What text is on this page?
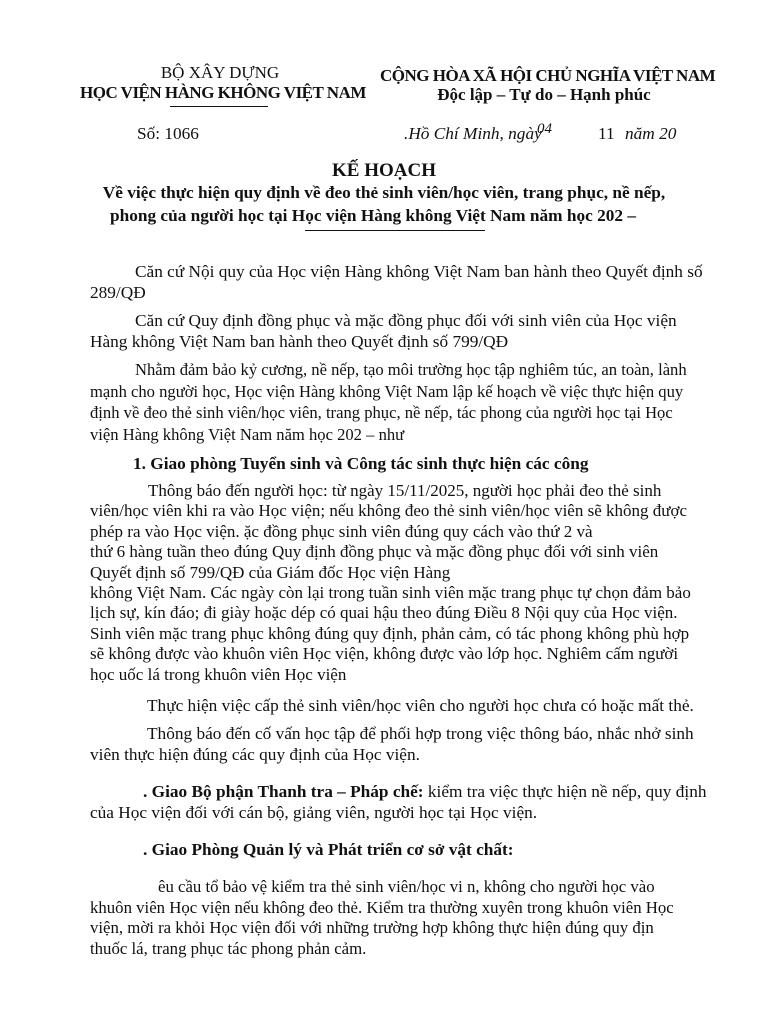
BỘ XÂY DỰNG
HỌC VIỆN HÀNG KHÔNG VIỆT NAM
CỘNG HÒA XÃ HỘI CHỦ NGHĨA VIỆT NAM
Độc lập – Tự do – Hạnh phúc
Số: 1066	.Hồ Chí Minh, ngày
04	11 năm 20
KẾ HOẠCH
Về việc thực hiện quy định về đeo thẻ sinh viên/học viên, trang phục, nề nếp,
phong của người học tại Học viện Hàng không Việt Nam năm học 202 –
Căn cứ Nội quy của Học viện Hàng không Việt Nam ban hành theo Quyết định số
289/QĐ
Căn cứ Quy định đồng phục và mặc đồng phục đối với sinh viên của Học viện
Hàng không Việt Nam ban hành theo Quyết định số 799/QĐ
Nhằm đảm bảo kỷ cương, nề nếp, tạo môi trường học tập nghiêm túc, an toàn, lành
mạnh cho người học, Học viện Hàng không Việt Nam lập kế hoạch về việc thực hiện quy
định về đeo thẻ sinh viên/học viên, trang phục, nề nếp, tác phong của người học tại Học
viện Hàng không Việt Nam năm học 202 – như
1. Giao phòng Tuyển sinh và Công tác sinh thực hiện các công
Thông báo đến người học: từ ngày 15/11/2025, người học phải đeo thẻ sinh
viên/học viên khi ra vào Học viện; nếu không đeo thẻ sinh viên/học viên sẽ không được
phép ra vào Học viện. ặc đồng phục sinh viên đúng quy cách vào thứ 2 và
thứ 6 hàng tuần theo đúng Quy định đồng phục và mặc đồng phục đối với sinh viên
Quyết định số 799/QĐ của Giám đốc Học viện Hàng
không Việt Nam. Các ngày còn lại trong tuần sinh viên mặc trang phục tự chọn đảm bảo
lịch sự, kín đáo; đi giày hoặc dép có quai hậu theo đúng Điều 8 Nội quy của Học viện.
Sinh viên mặc trang phục không đúng quy định, phản cảm, có tác phong không phù hợp
sẽ không được vào khuôn viên Học viện, không được vào lớp học. Nghiêm cấm người
học uốc lá trong khuôn viên Học viện
Thực hiện việc cấp thẻ sinh viên/học viên cho người học chưa có hoặc mất thẻ.
Thông báo đến cố vấn học tập để phối hợp trong việc thông báo, nhắc nhở sinh
viên thực hiện đúng các quy định của Học viện.
. Giao Bộ phận Thanh tra – Pháp chế: kiểm tra việc thực hiện nề nếp, quy định
của Học viện đối với cán bộ, giảng viên, người học tại Học viện.
. Giao Phòng Quản lý và Phát triển cơ sở vật chất:
êu cầu tổ bảo vệ kiểm tra thẻ sinh viên/học vi n, không cho người học vào
khuôn viên Học viện nếu không đeo thẻ. Kiểm tra thường xuyên trong khuôn viên Học
viện, mời ra khỏi Học viện đối với những trường hợp không thực hiện đúng quy địn
thuốc lá, trang phục tác phong phản cảm.
